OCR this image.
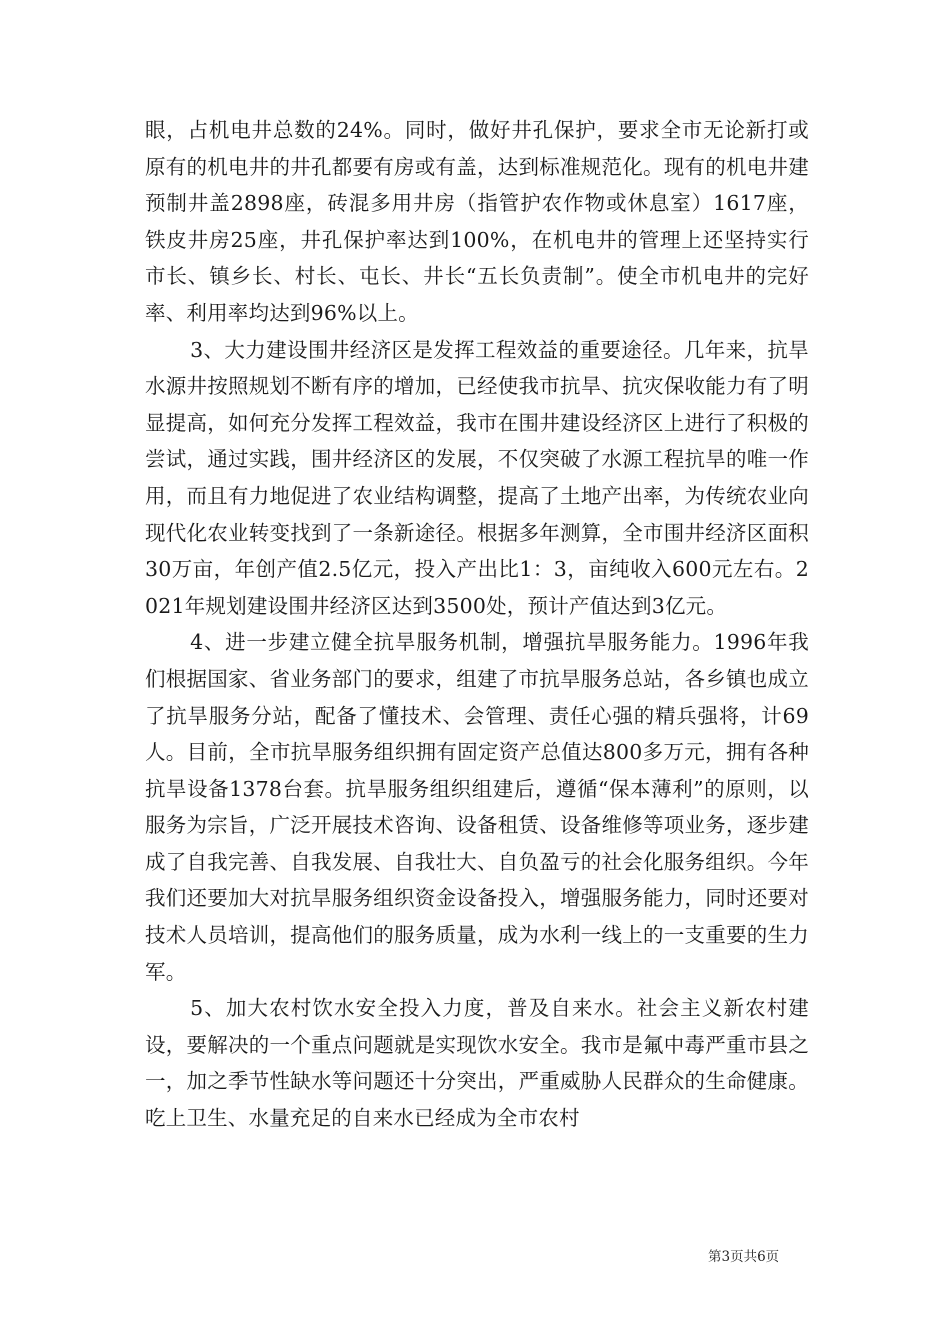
眼，占机电井总数的24%。同时，做好井孔保护，要求全市无论新打或原有的机电井的井孔都要有房或有盖，达到标准规范化。现有的机电井建预制井盖2898座，砖混多用井房（指管护农作物或休息室）1617座，铁皮井房25座，井孔保护率达到100%，在机电井的管理上还坚持实行市长、镇乡长、村长、屯长、井长“五长负责制”。使全市机电井的完好率、利用率均达到96%以上。

3、大力建设围井经济区是发挥工程效益的重要途径。几年来，抗旱水源井按照规划不断有序的增加，已经使我市抗旱、抗灾保收能力有了明显提高，如何充分发挥工程效益，我市在围井建设经济区上进行了积极的尝试，通过实践，围井经济区的发展，不仅突破了水源工程抗旱的唯一作用，而且有力地促进了农业结构调整，提高了土地产出率，为传统农业向现代化农业转变找到了一条新途径。根据多年测算，全市围井经济区面积30万亩，年创产值2.5亿元，投入产出比1：3，亩纯收入600元左右。2021年规划建设围井经济区达到3500处，预计产值达到3亿元。

4、进一步建立健全抗旱服务机制，增强抗旱服务能力。1996年我们根据国家、省业务部门的要求，组建了市抗旱服务总站，各乡镇也成立了抗旱服务分站，配备了懂技术、会管理、责任心强的精兵强将，计69人。目前，全市抗旱服务组织拥有固定资产总值达800多万元，拥有各种抗旱设备1378台套。抗旱服务组织组建后，遵循“保本薄利”的原则，以服务为宗旨，广泛开展技术咨询、设备租赁、设备维修等项业务，逐步建成了自我完善、自我发展、自我壮大、自负盈亏的社会化服务组织。今年我们还要加大对抗旱服务组织资金设备投入，增强服务能力，同时还要对技术人员培训，提高他们的服务质量，成为水利一线上的一支重要的生力军。

5、加大农村饮水安全投入力度，普及自来水。社会主义新农村建设，要解决的一个重点问题就是实现饮水安全。我市是氟中毒严重市县之一，加之季节性缺水等问题还十分突出，严重威胁人民群众的生命健康。吃上卫生、水量充足的自来水已经成为全市农村

第3页共6页
